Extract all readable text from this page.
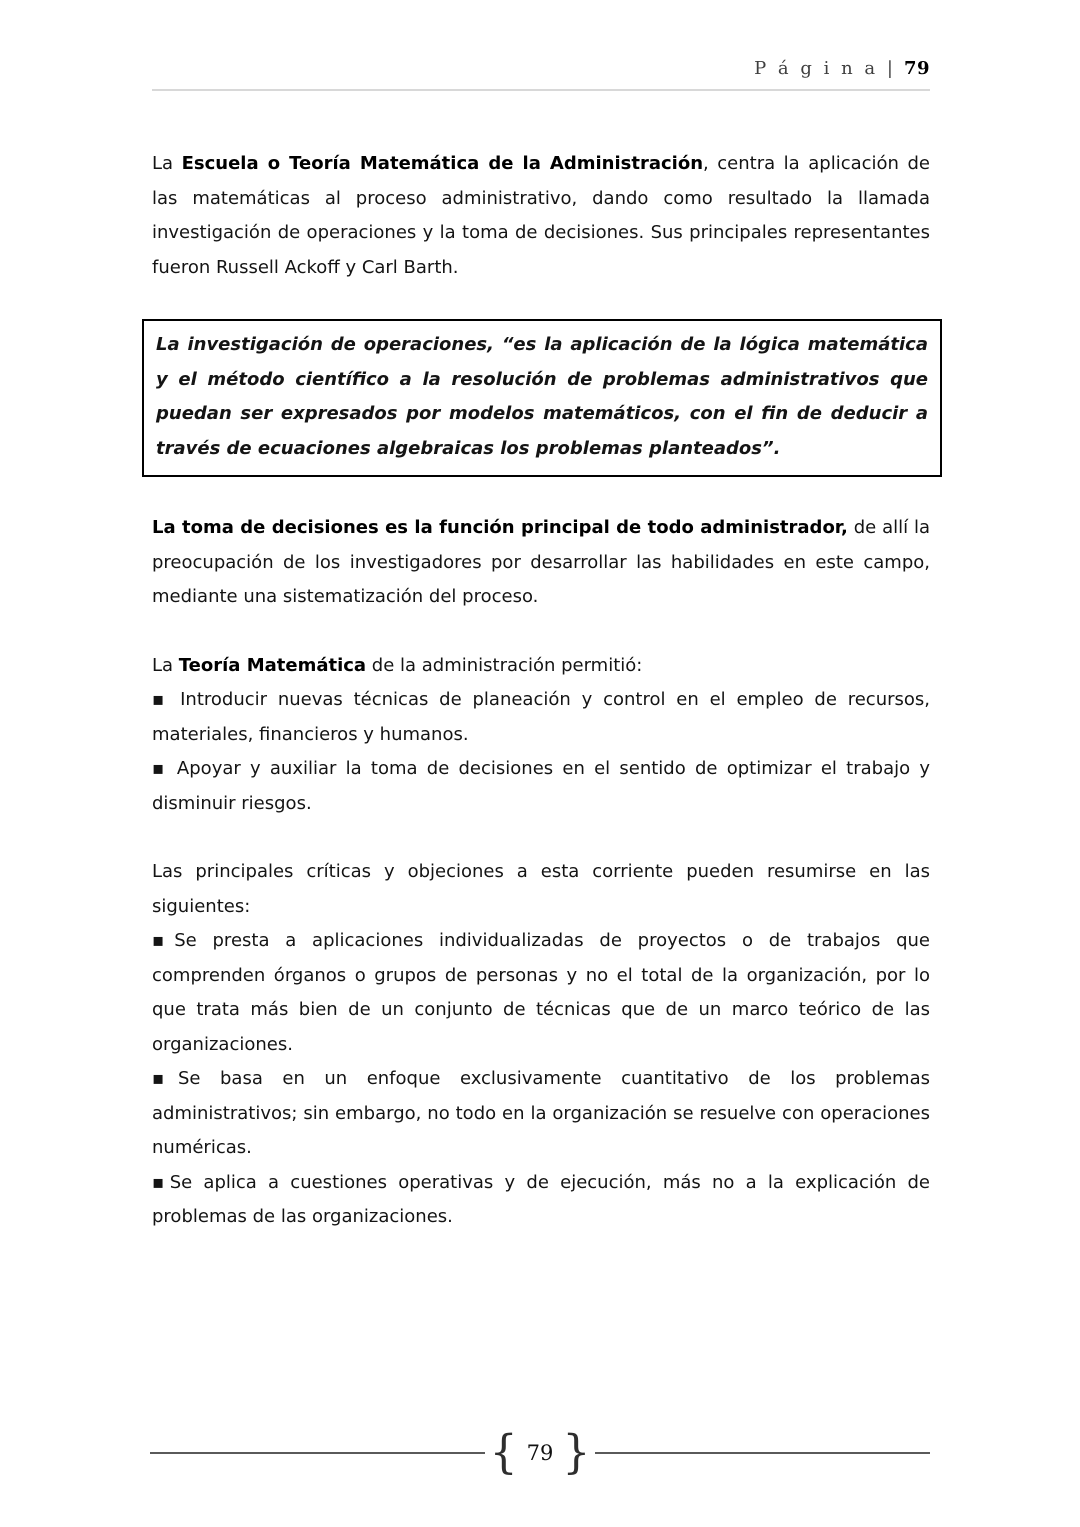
P á g i n a | 79

La Escuela o Teoría Matemática de la Administración, centra la aplicación de las matemáticas al proceso administrativo, dando como resultado la llamada investigación de operaciones y la toma de decisiones. Sus principales representantes fueron Russell Ackoff y Carl Barth.

La investigación de operaciones, “es la aplicación de la lógica matemática y el método científico a la resolución de problemas administrativos que puedan ser expresados por modelos matemáticos, con el fin de deducir a través de ecuaciones algebraicas los problemas planteados”.

La toma de decisiones es la función principal de todo administrador, de allí la preocupación de los investigadores por desarrollar las habilidades en este campo, mediante una sistematización del proceso.

La Teoría Matemática de la administración permitió:

▪ Introducir nuevas técnicas de planeación y control en el empleo de recursos, materiales, financieros y humanos.

▪ Apoyar y auxiliar la toma de decisiones en el sentido de optimizar el trabajo y disminuir riesgos.

Las principales críticas y objeciones a esta corriente pueden resumirse en las siguientes:

▪Se presta a aplicaciones individualizadas de proyectos o de trabajos que comprenden órganos o grupos de personas y no el total de la organización, por lo que trata más bien de un conjunto de técnicas que de un marco teórico de las organizaciones.

▪Se basa en un enfoque exclusivamente cuantitativo de los problemas administrativos; sin embargo, no todo en la organización se resuelve con operaciones numéricas.

▪Se aplica a cuestiones operativas y de ejecución, más no a la explicación de problemas de las organizaciones.

{ 79 }
